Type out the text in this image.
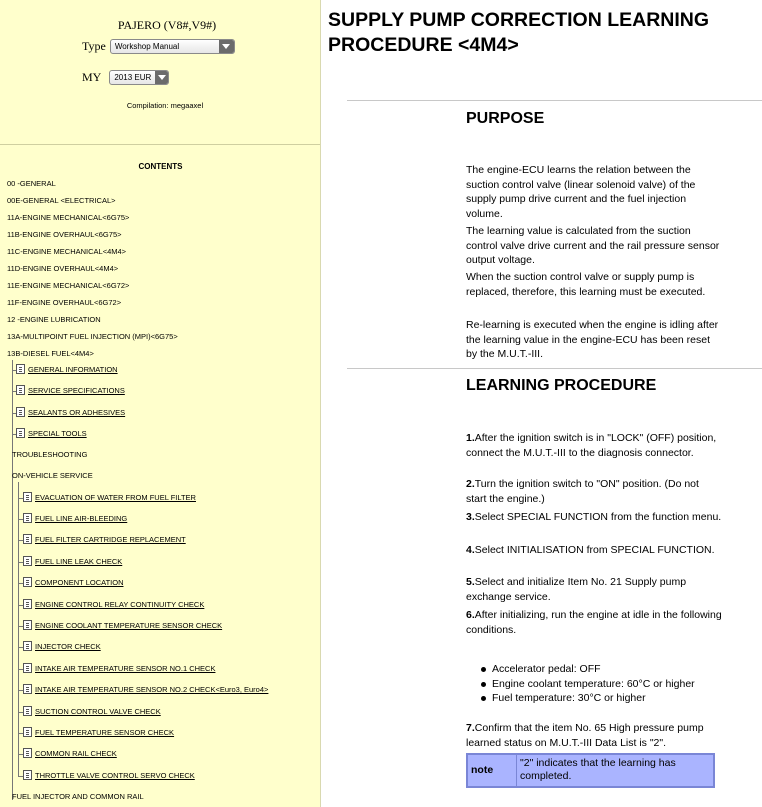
PAJERO (V8#,V9#)
Type Workshop Manual
MY 2013 EUR
Compilation: megaaxel
CONTENTS
00 -GENERAL
00E-GENERAL <ELECTRICAL>
11A-ENGINE MECHANICAL<6G75>
11B-ENGINE OVERHAUL<6G75>
11C-ENGINE MECHANICAL<4M4>
11D-ENGINE OVERHAUL<4M4>
11E-ENGINE MECHANICAL<6G72>
11F-ENGINE OVERHAUL<6G72>
12 -ENGINE LUBRICATION
13A-MULTIPOINT FUEL INJECTION (MPI)<6G75>
13B-DIESEL FUEL<4M4>
GENERAL INFORMATION
SERVICE SPECIFICATIONS
SEALANTS OR ADHESIVES
SPECIAL TOOLS
TROUBLESHOOTING
ON-VEHICLE SERVICE
EVACUATION OF WATER FROM FUEL FILTER
FUEL LINE AIR-BLEEDING
FUEL FILTER CARTRIDGE REPLACEMENT
FUEL LINE LEAK CHECK
COMPONENT LOCATION
ENGINE CONTROL RELAY CONTINUITY CHECK
ENGINE COOLANT TEMPERATURE SENSOR CHECK
INJECTOR CHECK
INTAKE AIR TEMPERATURE SENSOR NO.1 CHECK
INTAKE AIR TEMPERATURE SENSOR NO.2 CHECK<Euro3, Euro4>
SUCTION CONTROL VALVE CHECK
FUEL TEMPERATURE SENSOR CHECK
COMMON RAIL CHECK
THROTTLE VALVE CONTROL SERVO CHECK
FUEL INJECTOR AND COMMON RAIL
SUPPLY PUMP CORRECTION LEARNING PROCEDURE <4M4>
PURPOSE

The engine-ECU learns the relation between the suction control valve (linear solenoid valve) of the supply pump drive current and the fuel injection volume.

The learning value is calculated from the suction control valve drive current and the rail pressure sensor output voltage.

When the suction control valve or supply pump is replaced, therefore, this learning must be executed.

Re-learning is executed when the engine is idling after the learning value in the engine-ECU has been reset by the M.U.T.-III.

LEARNING PROCEDURE

1.After the ignition switch is in "LOCK" (OFF) position, connect the M.U.T.-III to the diagnosis connector.

2.Turn the ignition switch to "ON" position. (Do not start the engine.)

3.Select SPECIAL FUNCTION from the function menu.

4.Select INITIALISATION from SPECIAL FUNCTION.

5.Select and initialize Item No. 21 Supply pump exchange service.

6.After initializing, run the engine at idle in the following conditions.

Accelerator pedal: OFF
Engine coolant temperature: 60°C or higher
Fuel temperature: 30°C or higher

7.Confirm that the item No. 65 High pressure pump learned status on M.U.T.-III Data List is "2".

note
"2" indicates that the learning has completed.
